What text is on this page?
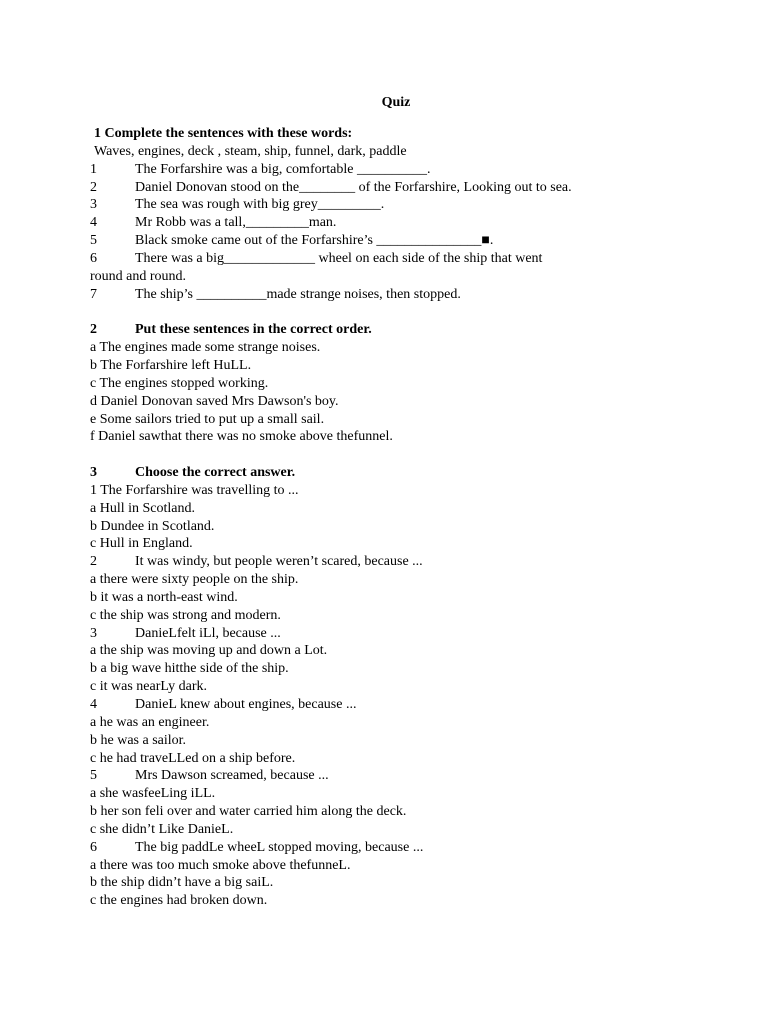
Quiz
1 Complete the sentences with these words:
Waves, engines, deck , steam, ship, funnel, dark, paddle
1	The Forfarshire was a big, comfortable __________.
2	Daniel Donovan stood on the________ of the Forfarshire, Looking out to sea.
3	The sea was rough with big grey_________.
4	Mr Robb was a tall,_________man.
5	Black smoke came out of the Forfarshire’s _______________■.
6	There was a big_____________ wheel on each side of the ship that went
round and round.
7	The ship’s __________made strange noises, then stopped.
2	Put these sentences in the correct order.
a The engines made some strange noises.
b The Forfarshire left HuLL.
c The engines stopped working.
d Daniel Donovan saved Mrs Dawson's boy.
e Some sailors tried to put up a small sail.
f Daniel sawthat there was no smoke above thefunnel.
3	Choose the correct answer.
1 The Forfarshire was travelling to ...
a Hull in Scotland.
b Dundee in Scotland.
c Hull in England.
2	It was windy, but people weren’t scared, because ...
a there were sixty people on the ship.
b it was a north-east wind.
c the ship was strong and modern.
3	DanieLfelt iLl, because ...
a the ship was moving up and down a Lot.
b a big wave hitthe side of the ship.
c it was nearLy dark.
4	DanieL knew about engines, because ...
a he was an engineer.
b he was a sailor.
c he had traveLLed on a ship before.
5	Mrs Dawson screamed, because ...
a she wasfeeLing iLL.
b her son feli over and water carried him along the deck.
c she didn’t Like DanieL.
6	The big paddLe wheeL stopped moving, because ...
a there was too much smoke above thefunneL.
b the ship didn’t have a big saiL.
c the engines had broken down.
